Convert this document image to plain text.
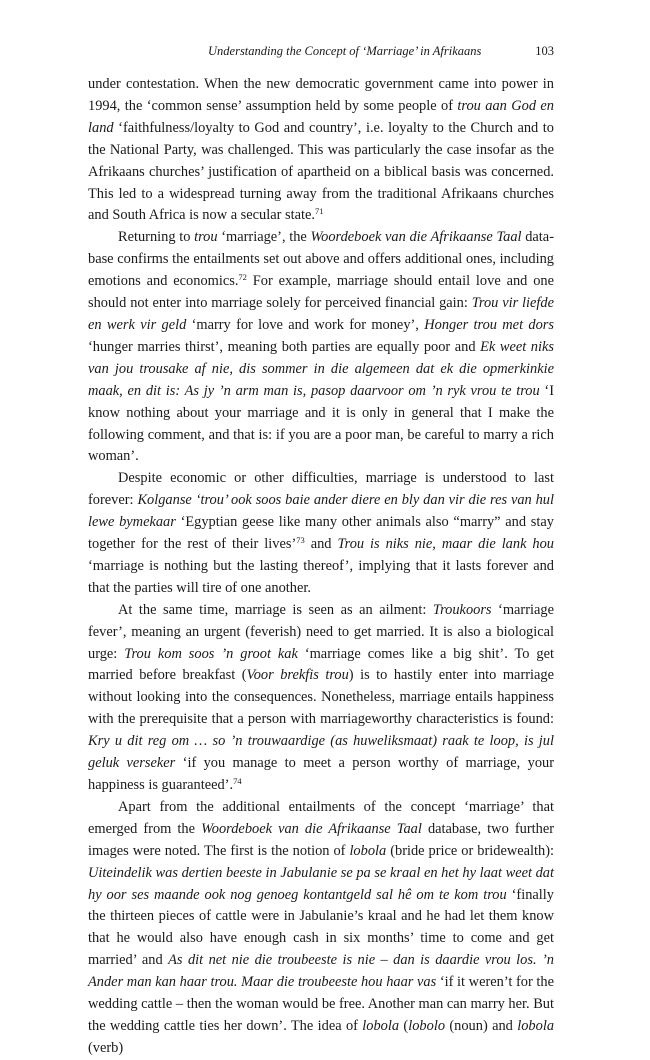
Understanding the Concept of ‘Marriage’ in Afrikaans	103

under contestation. When the new democratic government came into power in 1994, the ‘common sense’ assumption held by some people of trou aan God en land ‘faithfulness/loyalty to God and country’, i.e. loyalty to the Church and to the National Party, was challenged. This was particularly the case insofar as the Afrikaans churches’ justification of apartheid on a biblical basis was concerned. This led to a widespread turning away from the traditional Afrikaans churches and South Africa is now a secular state.$^{71}$

Returning to trou ‘marriage’, the Woordeboek van die Afrikaanse Taal database confirms the entailments set out above and offers additional ones, including emotions and economics.$^{72}$ For example, marriage should entail love and one should not enter into marriage solely for perceived financial gain: Trou vir liefde en werk vir geld ‘marry for love and work for money’, Honger trou met dors ‘hunger marries thirst’, meaning both parties are equally poor and Ek weet niks van jou trousake af nie, dis sommer in die algemeen dat ek die opmerkinkie maak, en dit is: As jy ’n arm man is, pasop daarvoor om ’n ryk vrou te trou ‘I know nothing about your marriage and it is only in general that I make the following comment, and that is: if you are a poor man, be careful to marry a rich woman’.

Despite economic or other difficulties, marriage is understood to last forever: Kolganse ‘trou’ ook soos baie ander diere en bly dan vir die res van hul lewe bymekaar ‘Egyptian geese like many other animals also “marry” and stay together for the rest of their lives’$^{73}$ and Trou is niks nie, maar die lank hou ‘marriage is nothing but the lasting thereof’, implying that it lasts forever and that the parties will tire of one another.

At the same time, marriage is seen as an ailment: Troukoors ‘marriage fever’, meaning an urgent (feverish) need to get married. It is also a biological urge: Trou kom soos ’n groot kak ‘marriage comes like a big shit’. To get married before breakfast (Voor brekfis trou) is to hastily enter into marriage without looking into the consequences. Nonetheless, marriage entails happiness with the prerequisite that a person with marriageworthy characteristics is found: Kry u dit reg om … so ’n trouwaardige (as huweliksmaat) raak te loop, is jul geluk verseker ‘if you manage to meet a person worthy of marriage, your happiness is guaranteed’.$^{74}$

Apart from the additional entailments of the concept ‘marriage’ that emerged from the Woordeboek van die Afrikaanse Taal database, two further images were noted. The first is the notion of lobola (bride price or bridewealth): Uiteindelik was dertien beeste in Jabulanie se pa se kraal en het hy laat weet dat hy oor ses maande ook nog genoeg kontantgeld sal hê om te kom trou ‘finally the thirteen pieces of cattle were in Jabulanie’s kraal and he had let them know that he would also have enough cash in six months’ time to come and get married’ and As dit net nie die troubeeste is nie – dan is daardie vrou los. ’n Ander man kan haar trou. Maar die troubeeste hou haar vas ‘if it weren’t for the wedding cattle – then the woman would be free. Another man can marry her. But the wedding cattle ties her down’. The idea of lobola (lobolo (noun) and lobola (verb)
